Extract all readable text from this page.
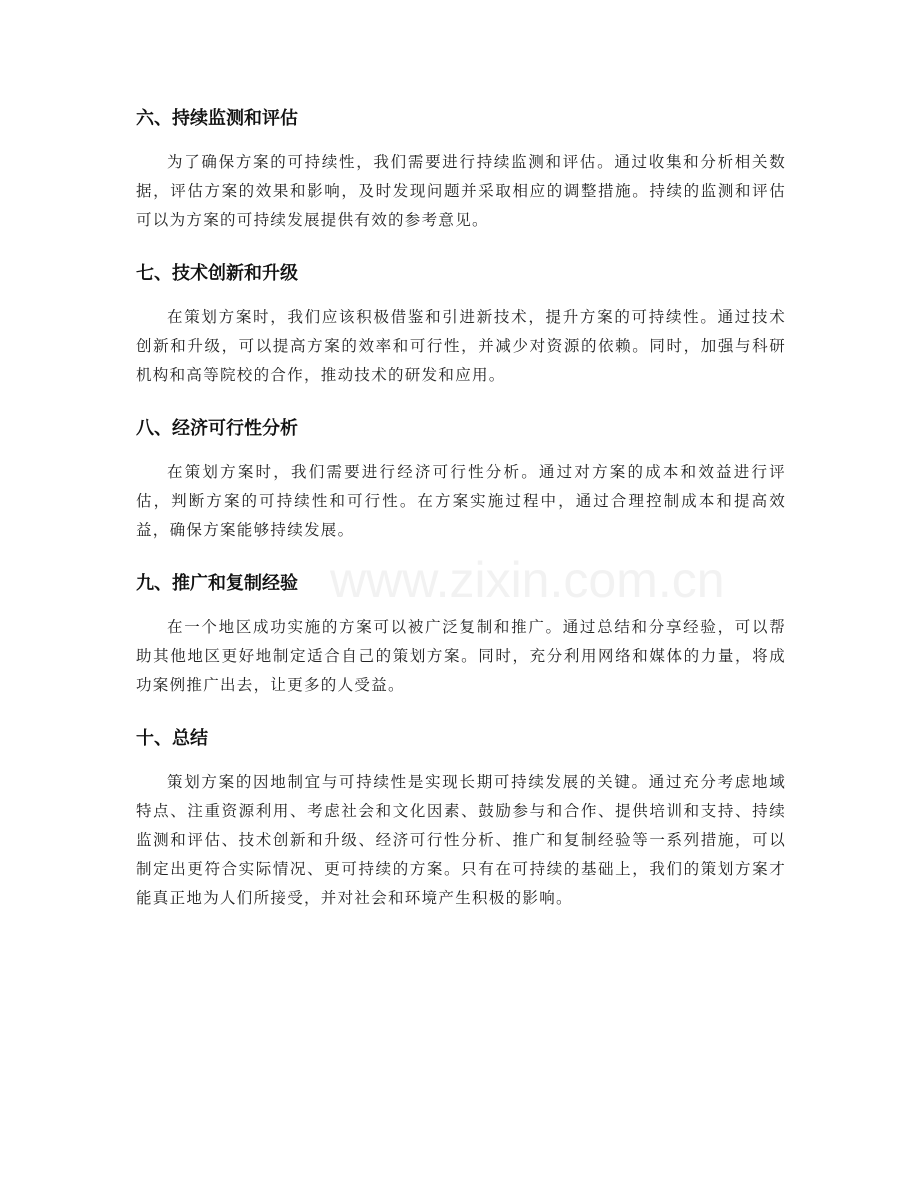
六、持续监测和评估

为了确保方案的可持续性，我们需要进行持续监测和评估。通过收集和分析相关数据，评估方案的效果和影响，及时发现问题并采取相应的调整措施。持续的监测和评估可以为方案的可持续发展提供有效的参考意见。

七、技术创新和升级

在策划方案时，我们应该积极借鉴和引进新技术，提升方案的可持续性。通过技术创新和升级，可以提高方案的效率和可行性，并减少对资源的依赖。同时，加强与科研机构和高等院校的合作，推动技术的研发和应用。

八、经济可行性分析

在策划方案时，我们需要进行经济可行性分析。通过对方案的成本和效益进行评估，判断方案的可持续性和可行性。在方案实施过程中，通过合理控制成本和提高效益，确保方案能够持续发展。

九、推广和复制经验

在一个地区成功实施的方案可以被广泛复制和推广。通过总结和分享经验，可以帮助其他地区更好地制定适合自己的策划方案。同时，充分利用网络和媒体的力量，将成功案例推广出去，让更多的人受益。

十、总结

策划方案的因地制宜与可持续性是实现长期可持续发展的关键。通过充分考虑地域特点、注重资源利用、考虑社会和文化因素、鼓励参与和合作、提供培训和支持、持续监测和评估、技术创新和升级、经济可行性分析、推广和复制经验等一系列措施，可以制定出更符合实际情况、更可持续的方案。只有在可持续的基础上，我们的策划方案才能真正地为人们所接受，并对社会和环境产生积极的影响。

www.zixin.com.cn
